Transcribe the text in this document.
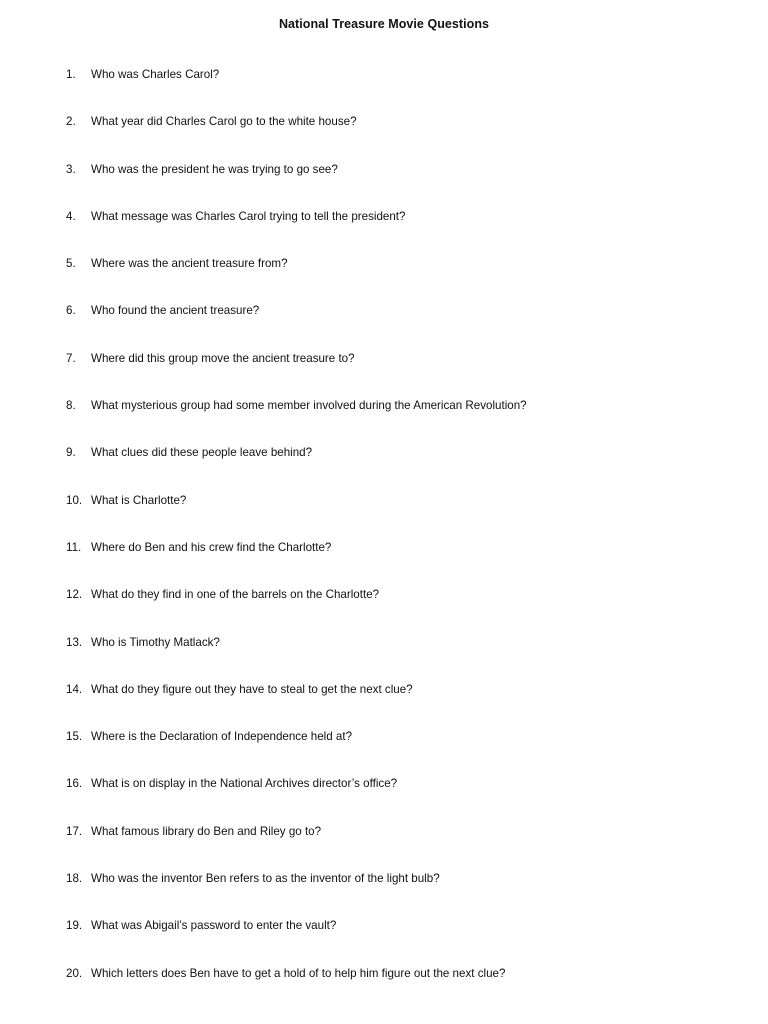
National Treasure Movie Questions
1. Who was Charles Carol?
2. What year did Charles Carol go to the white house?
3. Who was the president he was trying to go see?
4. What message was Charles Carol trying to tell the president?
5. Where was the ancient treasure from?
6. Who found the ancient treasure?
7. Where did this group move the ancient treasure to?
8. What mysterious group had some member involved during the American Revolution?
9. What clues did these people leave behind?
10. What is Charlotte?
11. Where do Ben and his crew find the Charlotte?
12. What do they find in one of the barrels on the Charlotte?
13. Who is Timothy Matlack?
14. What do they figure out they have to steal to get the next clue?
15. Where is the Declaration of Independence held at?
16. What is on display in the National Archives director’s office?
17. What famous library do Ben and Riley go to?
18. Who was the inventor Ben refers to as the inventor of the light bulb?
19. What was Abigail’s password to enter the vault?
20. Which letters does Ben have to get a hold of to help him figure out the next clue?
